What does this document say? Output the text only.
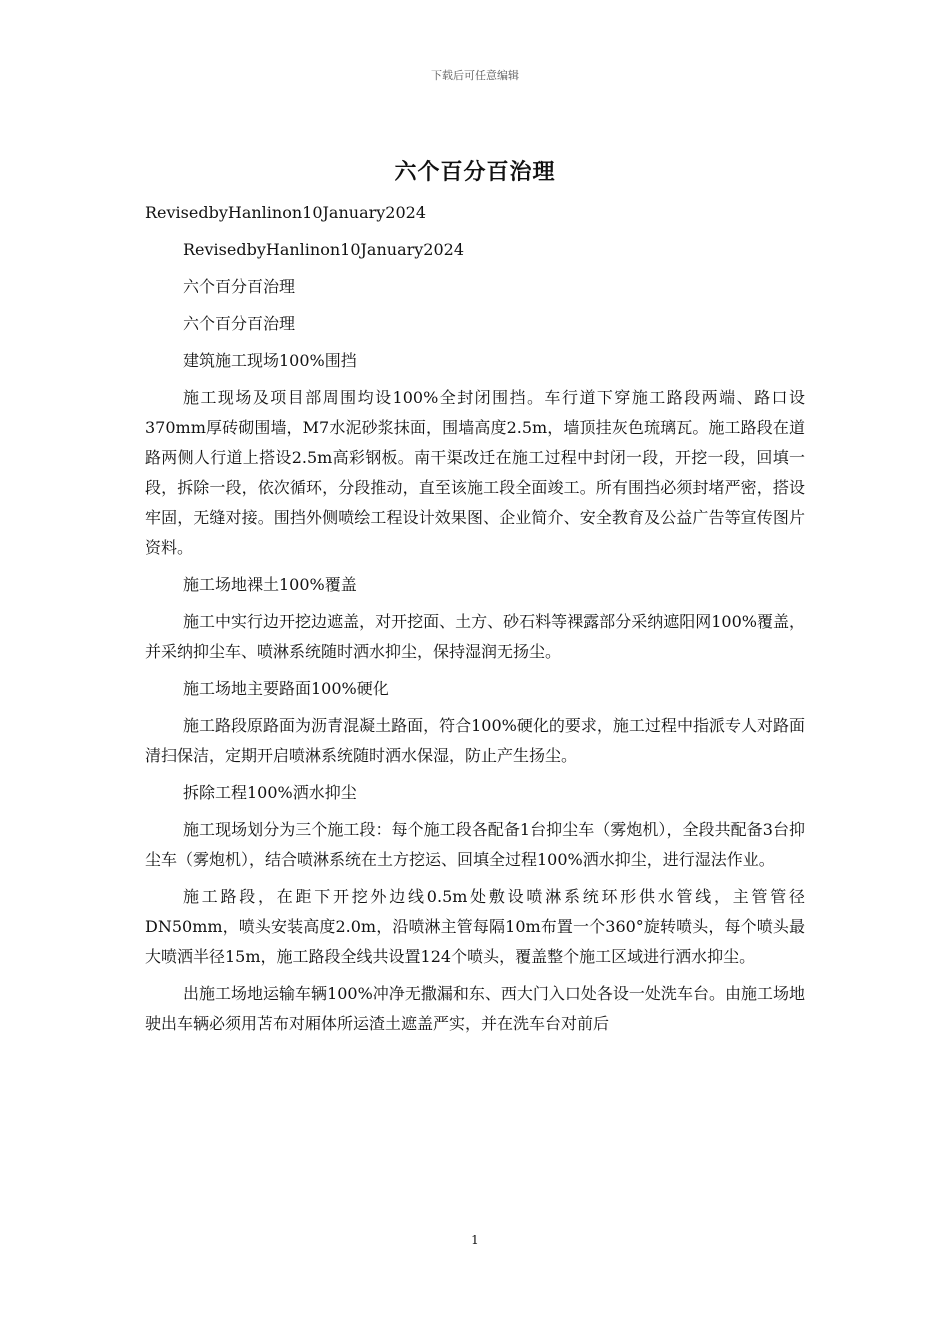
下载后可任意编辑
六个百分百治理

RevisedbyHanlinon10January2024

RevisedbyHanlinon10January2024

六个百分百治理

六个百分百治理

建筑施工现场100%围挡

施工现场及项目部周围均设100%全封闭围挡。车行道下穿施工路段两端、路口设370mm厚砖砌围墙，M7水泥砂浆抹面，围墙高度2.5m，墙顶挂灰色琉璃瓦。施工路段在道路两侧人行道上搭设2.5m高彩钢板。南干渠改迁在施工过程中封闭一段，开挖一段，回填一段，拆除一段，依次循环，分段推动，直至该施工段全面竣工。所有围挡必须封堵严密，搭设牢固，无缝对接。围挡外侧喷绘工程设计效果图、企业简介、安全教育及公益广告等宣传图片资料。

施工场地裸土100%覆盖

施工中实行边开挖边遮盖，对开挖面、土方、砂石料等裸露部分采纳遮阳网100%覆盖，并采纳抑尘车、喷淋系统随时洒水抑尘，保持湿润无扬尘。

施工场地主要路面100%硬化

施工路段原路面为沥青混凝土路面，符合100%硬化的要求，施工过程中指派专人对路面清扫保洁，定期开启喷淋系统随时洒水保湿，防止产生扬尘。

拆除工程100%洒水抑尘

施工现场划分为三个施工段：每个施工段各配备1台抑尘车（雾炮机），全段共配备3台抑尘车（雾炮机），结合喷淋系统在土方挖运、回填全过程100%洒水抑尘，进行湿法作业。

施工路段，在距下开挖外边线0.5m处敷设喷淋系统环形供水管线，主管管径DN50mm，喷头安装高度2.0m，沿喷淋主管每隔10m布置一个360°旋转喷头，每个喷头最大喷洒半径15m，施工路段全线共设置124个喷头，覆盖整个施工区域进行洒水抑尘。

出施工场地运输车辆100%冲净无撒漏和东、西大门入口处各设一处洗车台。由施工场地驶出车辆必须用苫布对厢体所运渣土遮盖严实，并在洗车台对前后

1
